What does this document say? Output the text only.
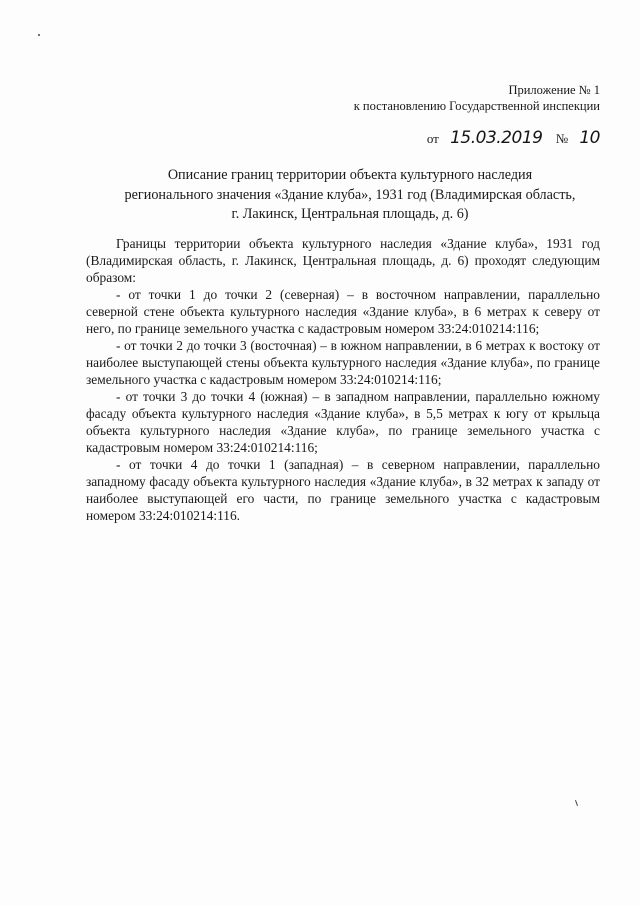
Приложение № 1
к постановлению Государственной инспекции
от 15.03.2019 № 10
Описание границ территории объекта культурного наследия
регионального значения «Здание клуба», 1931 год (Владимирская область,
г. Лакинск, Центральная площадь, д. 6)

Границы территории объекта культурного наследия «Здание клуба», 1931 год (Владимирская область, г. Лакинск, Центральная площадь, д. 6) проходят следующим образом:

- от точки 1 до точки 2 (северная) – в восточном направлении, параллельно северной стене объекта культурного наследия «Здание клуба», в 6 метрах к северу от него, по границе земельного участка с кадастровым номером 33:24:010214:116;

- от точки 2 до точки 3 (восточная) – в южном направлении, в 6 метрах к востоку от наиболее выступающей стены объекта культурного наследия «Здание клуба», по границе земельного участка с кадастровым номером 33:24:010214:116;

- от точки 3 до точки 4 (южная) – в западном направлении, параллельно южному фасаду объекта культурного наследия «Здание клуба», в 5,5 метрах к югу от крыльца объекта культурного наследия «Здание клуба», по границе земельного участка с кадастровым номером 33:24:010214:116;

- от точки 4 до точки 1 (западная) – в северном направлении, параллельно западному фасаду объекта культурного наследия «Здание клуба», в 32 метрах к западу от наиболее выступающей его части, по границе земельного участка с кадастровым номером 33:24:010214:116.
